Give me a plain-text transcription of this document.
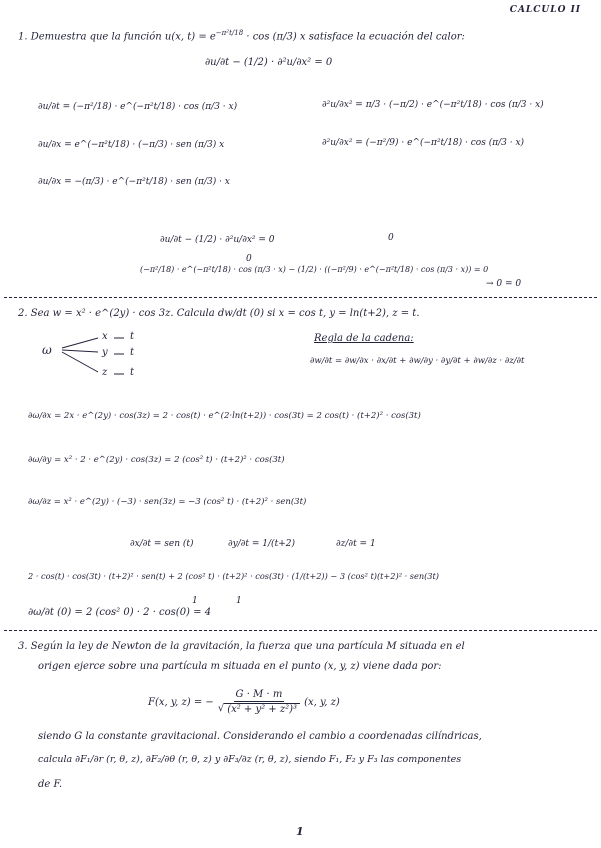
CALCULO II
1. Demuestra que la función u(x, $t) = e^{-\pi^2t/18} \cdot \cos (\pi/3)$ x satisface la ecuación del calor:
∂u/∂t − (1/2) · ∂²u/∂x² = 0
∂u/∂t = (−π²/18) · e^(−π²t/18) · cos (π/3 · x)	∂²u/∂x² = π/3 · (−π/2) · e^(−π²t/18) · cos (π/3 · x)
∂u/∂x = e^(−π²t/18) · (−π/3) · sen (π/3) x	∂²u/∂x² = (−π²/9) · e^(−π²t/18) · cos (π/3 · x)
∂u/∂x = −(π/3) · e^(−π²t/18) · sen (π/3) · x
∂u/∂t − (1/2) · ∂²u/∂x² = 0	0
0
(−π²/18) · e^(−π²t/18) · cos (π/3 · x) − (1/2) · ((−π²/9) · e^(−π²t/18) · cos (π/3 · x)) = 0
→ 0 = 0
2. Sea w = x² · e^(2y) · cos 3z. Calcula dw/dt (0) si x = cos t, y = ln(t+2), z = t.
ω
x
y
z
t
t
t
Regla de la cadena:
∂w/∂t = ∂w/∂x · ∂x/∂t + ∂w/∂y · ∂y/∂t + ∂w/∂z · ∂z/∂t
∂ω/∂x = 2x · e^(2y) · cos(3z) = 2 · cos(t) · e^(2·ln(t+2)) · cos(3t) = 2 cos(t) · (t+2)² · cos(3t)
∂ω/∂y = x² · 2 · e^(2y) · cos(3z) = 2 (cos² t) · (t+2)² · cos(3t)
∂ω/∂z = x² · e^(2y) · (−3) · sen(3z) = −3 (cos² t) · (t+2)² · sen(3t)
∂x/∂t = sen (t)	∂y/∂t = 1/(t+2)	∂z/∂t = 1
2 · cos(t) · cos(3t) · (t+2)² · sen(t) + 2 (cos² t) · (t+2)² · cos(3t) · (1/(t+2)) − 3 (cos² t)(t+2)² · sen(3t)
1	1
∂ω/∂t (0) = 2 (cos² 0) · 2 · cos(0) = 4
3. Según la ley de Newton de la gravitación, la fuerza que una partícula M situada en el
origen ejerce sobre una partícula m situada en el punto (x, y, z) viene dada por:
F(x, y, z) = − $\frac{G \cdot M \cdot m}{\text{√ (x² + y² + z²)³}} (x$, y, z)
siendo G la constante gravitacional. Considerando el cambio a coordenadas cilíndricas,
calcula ∂F₁/∂r (r, θ, z), ∂F₂/∂θ (r, θ, z) y ∂F₃/∂z (r, θ, z), siendo F₁, F₂ y F₃ las componentes
de F.
1
